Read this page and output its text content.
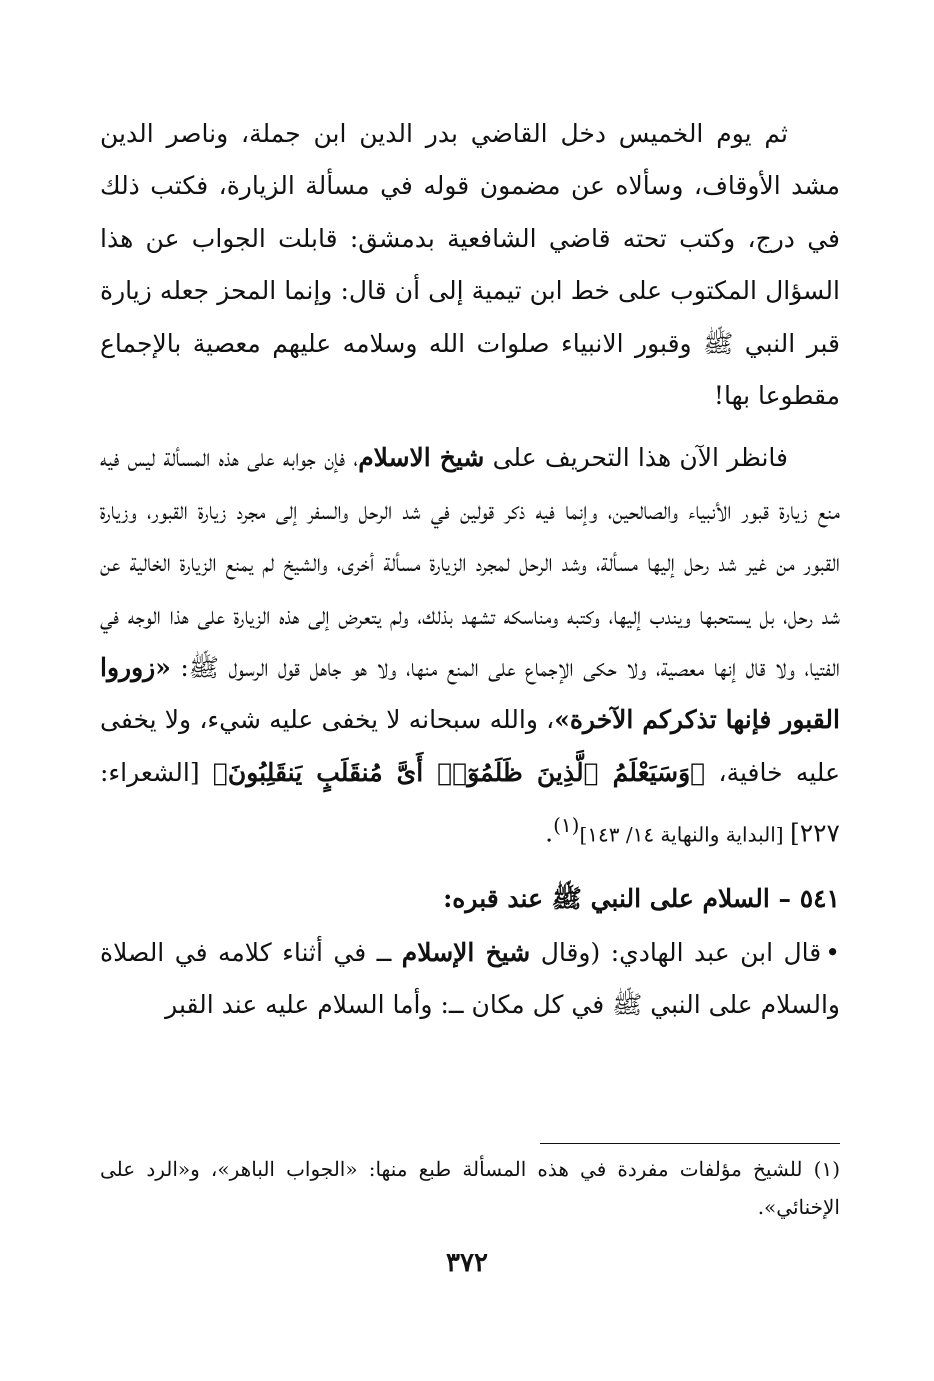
ثم يوم الخميس دخل القاضي بدر الدين ابن جملة، وناصر الدين مشد الأوقاف، وسألاه عن مضمون قوله في مسألة الزيارة، فكتب ذلك في درج، وكتب تحته قاضي الشافعية بدمشق: قابلت الجواب عن هذا السؤال المكتوب على خط ابن تيمية إلى أن قال: وإنما المحز جعله زيارة قبر النبي ﷺ وقبور الانبياء صلوات الله وسلامه عليهم معصية بالإجماع مقطوعا بها!

فانظر الآن هذا التحريف على شيخ الاسلام، فإن جوابه على هذه المسألة ليس فيه منع زيارة قبور الأنبياء والصالحين، وإنما فيه ذكر قولين في شد الرحل والسفر إلى مجرد زيارة القبور، وزيارة القبور من غير شد رحل إليها مسألة، وشد الرحل لمجرد الزيارة مسألة أخرى، والشيخ لم يمنع الزيارة الخالية عن شد رحل، بل يستحبها ويندب إليها، وكتبه ومناسكه تشهد بذلك، ولم يتعرض إلى هذه الزيارة على هذا الوجه في الفتيا، ولا قال إنها معصية، ولا حكى الإجماع على المنع منها، ولا هو جاهل قول الرسول ﷺ: «زوروا القبور فإنها تذكركم الآخرة»، والله سبحانه لا يخفى عليه شيء، ولا يخفى عليه خافية، ﴿وَسَيَعْلَمُ ٱلَّذِينَ ظَلَمُوٓا۟ أَىَّ مُنقَلَبٍ يَنقَلِبُونَ﴾ [الشعراء: ٢٢٧] [البداية والنهاية ١٤/ ١٤٣]$^{(١)}$.

٥٤١ – السلام على النبي ﷺ عند قبره:

•قال ابن عبد الهادي: (وقال شيخ الإسلام ــ في أثناء كلامه في الصلاة والسلام على النبي ﷺ في كل مكان ــ: وأما السلام عليه عند القبر

(١) للشيخ مؤلفات مفردة في هذه المسألة طبع منها: «الجواب الباهر»، و«الرد على الإخنائي».
٣٧٢
